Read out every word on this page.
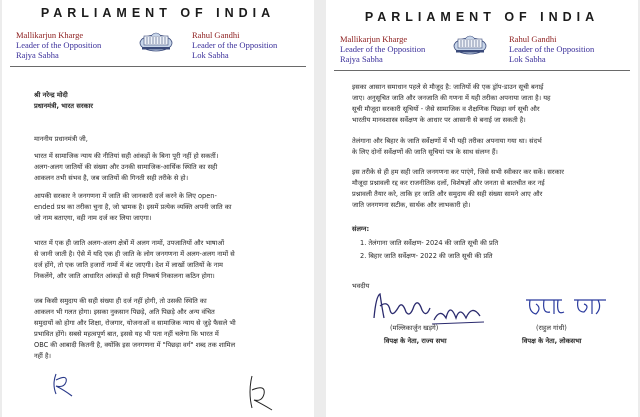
PARLIAMENT OF INDIA
Mallikarjun Kharge
Leader of the Opposition
Rajya Sabha
Rahul Gandhi
Leader of the Opposition
Lok Sabha
श्री नरेन्द्र मोदी
प्रधानमंत्री, भारत सरकार
माननीय प्रधानमंत्री जी,
भारत में सामाजिक न्याय की नीतियां सही आंकड़ों के बिना पूरी नहीं हो सकतीं।
अलग-अलग जातियों की संख्या और उनकी सामाजिक-आर्थिक स्थिति का सही
आकलन तभी संभव है, जब जातियों की गिनती सही तरीके से हो।
आपकी सरकार ने जनगणना में जाति की जानकारी दर्ज करने के लिए open-
ended प्रश्न का तरीका चुना है, जो भ्रामक है। इसमें प्रत्येक व्यक्ति अपनी जाति का
जो नाम बताएगा, वही नाम दर्ज कर लिया जाएगा।
भारत में एक ही जाति अलग-अलग क्षेत्रों में अलग नामों, उपजातियों और भाषाओं
से जानी जाती है। ऐसे में यदि एक ही जाति के लोग जनगणना में अलग-अलग नामों से
दर्ज होंगे, तो एक जाति हजारों नामों में बंट जाएगी। देश में लाखों जातियों के नाम
निकलेंगे, और जाति आधारित आंकड़ों से सही निष्कर्ष निकालना कठिन होगा।
जब किसी समुदाय की सही संख्या ही दर्ज नहीं होगी, तो उसकी स्थिति का
आकलन भी गलत होगा। इसका नुकसान पिछड़े, अति पिछड़े और अन्य वंचित
समुदायों को होगा और शिक्षा, रोजगार, योजनाओं व सामाजिक न्याय से जुड़े फैसले भी
प्रभावित होंगे। सबसे महत्वपूर्ण बात, इससे यह भी पता नहीं चलेगा कि भारत में
OBC की आबादी कितनी है, क्योंकि इस जनगणना में "पिछड़ा वर्ग" शब्द तक शामिल
नहीं है।
PARLIAMENT OF INDIA
Mallikarjun Kharge
Leader of the Opposition
Rajya Sabha
Rahul Gandhi
Leader of the Opposition
Lok Sabha
इसका आसान समाधान पहले से मौजूद है: जातियों की एक ड्रॉप-डाउन सूची बनाई
जाए। अनुसूचित जाति और जनजाति की गणना में यही तरीका अपनाया जाता है। यह
सूची मौजूदा सरकारी सूचियों - जैसे सामाजिक व शैक्षणिक पिछड़ा वर्ग सूची और
भारतीय मानवशास्त्र सर्वेक्षण के आधार पर आसानी से बनाई जा सकती है।
तेलंगाना और बिहार के जाति सर्वेक्षणों में भी यही तरीका अपनाया गया था। संदर्भ
के लिए दोनों सर्वेक्षणों की जाति सूचियां पत्र के साथ संलग्न हैं।
इस तरीके से ही हम सही जाति जनगणना कर पाएंगे, जिसे सभी स्वीकार कर सकें। सरकार
मौजूदा प्रश्नावली रद्द कर राजनीतिक दलों, विशेषज्ञों और जनता से बातचीत कर नई
प्रश्नावली तैयार करे, ताकि हर जाति और समुदाय की सही संख्या सामने आए और
जाति जनगणना सटीक, सार्थक और लाभकारी हो।
संलग्न:
1. तेलंगाना जाति सर्वेक्षण- 2024 की जाति सूची की प्रति
2. बिहार जाति सर्वेक्षण- 2022 की जाति सूची की प्रति
भवदीय
(मल्लिकार्जुन खड़गे)
विपक्ष के नेता, राज्य सभा
(राहुल गांधी)
विपक्ष के नेता, लोकसभा
